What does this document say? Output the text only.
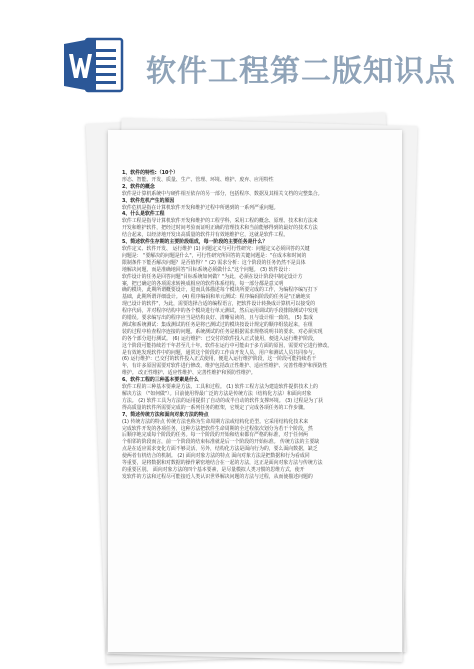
软件工程第二版知识点

1、软件的特性:（10个）

形态、智能、开发、质量、生产、管理、环境、维护、废弃、应用特性

2、软件的概念

软件是计算机系统中与硬件相互依存的另一部分，包括程序、数据及其相关文档的完整集合。

3、软件危机产生的原因

软件危机是指在计算机软件开发和维护过程中所遇到的一系列严重问题。

4、什么是软件工程

软件工程是指导计算机软件开发和维护的工程学科，采用工程的概念、原理、技术和方法来

开发和维护软件，把经过时间考验而证明正确的管理技术和当前能够得到的最好的技术方法

结合起来，以经济地开发出高质量的软件并有效地维护它，这就是软件工程。

5、简述软件生存期的主要阶段组成，每一阶段的主要任务是什么？

软件定义、软件开发、 运行维护 (1) 问题定义与可行性研究：问题定义必须回答的关键

问题是： "要解决的问题是什么"，可行性研究所回答的关键问题是："在成本和时间的

限制条件下能否解决问题？是否值得？" (2) 需求分析：这个阶段的任务仍然不是具体

地解决问题，而是准确地回答"目标系统必须做什么"这个问题。 (3) 软件设计：

软件设计的任务是回答问题"目标系统如何做？"为此，必须在设计阶段中制定设计方

案，把已确定的各项需求转换成相应的软件体系结构。每一部分都是意义明

确的模块，此期所谓概要设计，进而具体描述每个模块所要完成的工作，为编程序编写打下

基础，此期所谓详细设计。 (4) 程序编码和单元测试：程序编码阶段的任务是"正确地实

现已设计的软件"，为此，需要选择合适的编程语言，把软件设计转换成计算机可以接受的

程序代码，并对程序结构中的各个模块进行单元测试，然后运用调试的手段排除测试中发现

的错误。要求编写出的程序应当是结构良好、清晰易读的，且与设计相一致的。 (5) 集成

测试和系统测试：集成测试的任务是将已测试过的模块按设计规定的顺序组装起来，在组

装的过程中检查程序连接的问题。系统测试的任务是根据需求规格说明书的要求，对必须实现

的各个部分进行测试。 (6) 运行维护：已交付的软件投入正式使用，便进入运行维护阶段，

这个阶段可能持续若干年甚至几十年。软件在运行中可能由于多方面的原因，需要对它进行修改。

是有效地发现软件中的问题，通常这个阶段的工作由开发人员、用户和测试人员共同参与。

(6) 运行维护：已交付的软件投入正式使用，便进入运行维护阶段，这一阶段可能持续若干

年，有许多原因需要对软件进行修改，维护包括改正性维护、适应性维护、完善性维护和预防性

维护。 改正性维护、适应性维护、完善性维护和预防性维护。

6、软件工程的三种基本要素是什么

软件工程的三种基本要素是方法、工具和过程。 (1) 软件工程方法为建造软件提供技术上的

解决方法 （"如何做"）。目前使用得最广泛的方法是传统方法（结构化方法）和面向对象

方法。 (2) 软件工具为方法的运用提供了自动的或半自动的软件支撑环境。 (3) 过程是为了获

得高质量的软件所需要完成的一系列任务的框架，它规定了完成各项任务的工作步骤。

7、简述传统方法和面向对象方法的特点

(1) 传统方法的特点 传统方法也称为生命周期方法或结构化范型。它采用结构化技术来

完成软件开发的各项任务，这种方法把软件生命周期的全过程依次划分为若干个阶段，然

后顺序地完成每个阶段的任务。每一个阶段的开始和结束都有严格的标准，对于任何两

个相邻的阶段而言，前一个阶段的结束标准就是后一个阶段的开始标准。 传统方法的主要缺

点是在适应需求变化方面不够灵活，另外，结构化方法是面向行为的，要么面向数据，缺乏

使两者有机结合的机制。 (2) 面向对象方法的特点 面向对象方法是把数据和行为看成同

等重要，是将数据和对数据的操作紧密地结合在一起的方法，这正是面向对象方法与传统方法

的重要区别。 面向对象方法的四个基本要素，是尽量模拟人类习惯的思维方式，使开

发软件的方法和过程尽可能接近人类认识世界解决问题的方法与过程，从而使描述问题的
